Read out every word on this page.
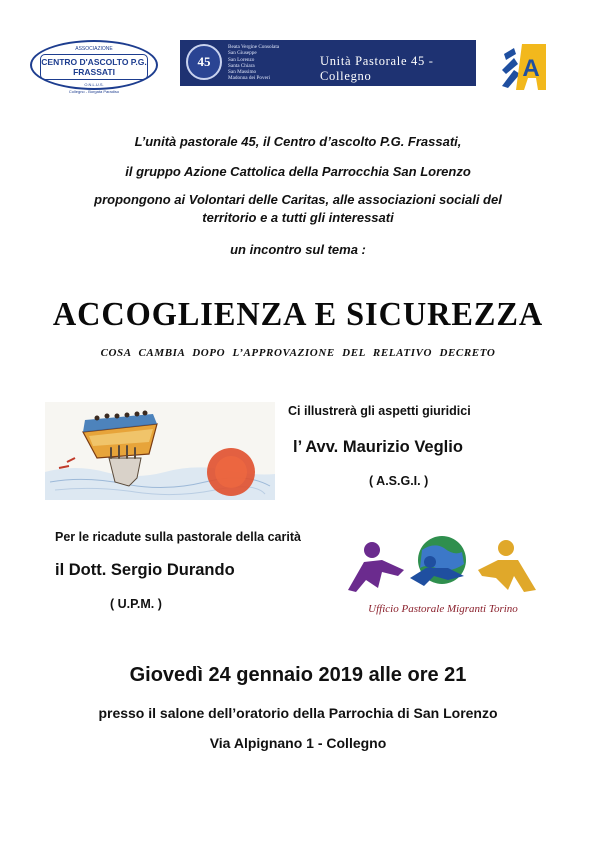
ASSOCIAZIONE
CENTRO D'ASCOLTO P.G. FRASSATI
O.N.L.U.S.
Collegno - Borgata Paradiso
45
Beata Vergine Consolata
San Giuseppe
San Lorenzo
Santa Chiara
San Massimo
Madonna dei Poveri
Unità Pastorale 45 - Collegno	A
L’unità pastorale 45, il Centro d’ascolto P.G. Frassati,
il gruppo Azione Cattolica della Parrocchia San Lorenzo
propongono ai Volontari delle Caritas, alle associazioni sociali del
territorio e a tutti gli interessati
un incontro sul tema :
ACCOGLIENZA E SICUREZZA
COSA CAMBIA DOPO L’APPROVAZIONE DEL RELATIVO DECRETO
Ci illustrerà gli aspetti giuridici
l’ Avv. Maurizio Veglio
( A.S.G.I. )
Per le ricadute sulla pastorale della carità
il Dott. Sergio Durando
( U.P.M. )	Ufficio Pastorale Migranti Torino
Giovedì 24 gennaio 2019 alle ore 21
presso il salone dell’oratorio della Parrochia di San Lorenzo
Via Alpignano 1 - Collegno
